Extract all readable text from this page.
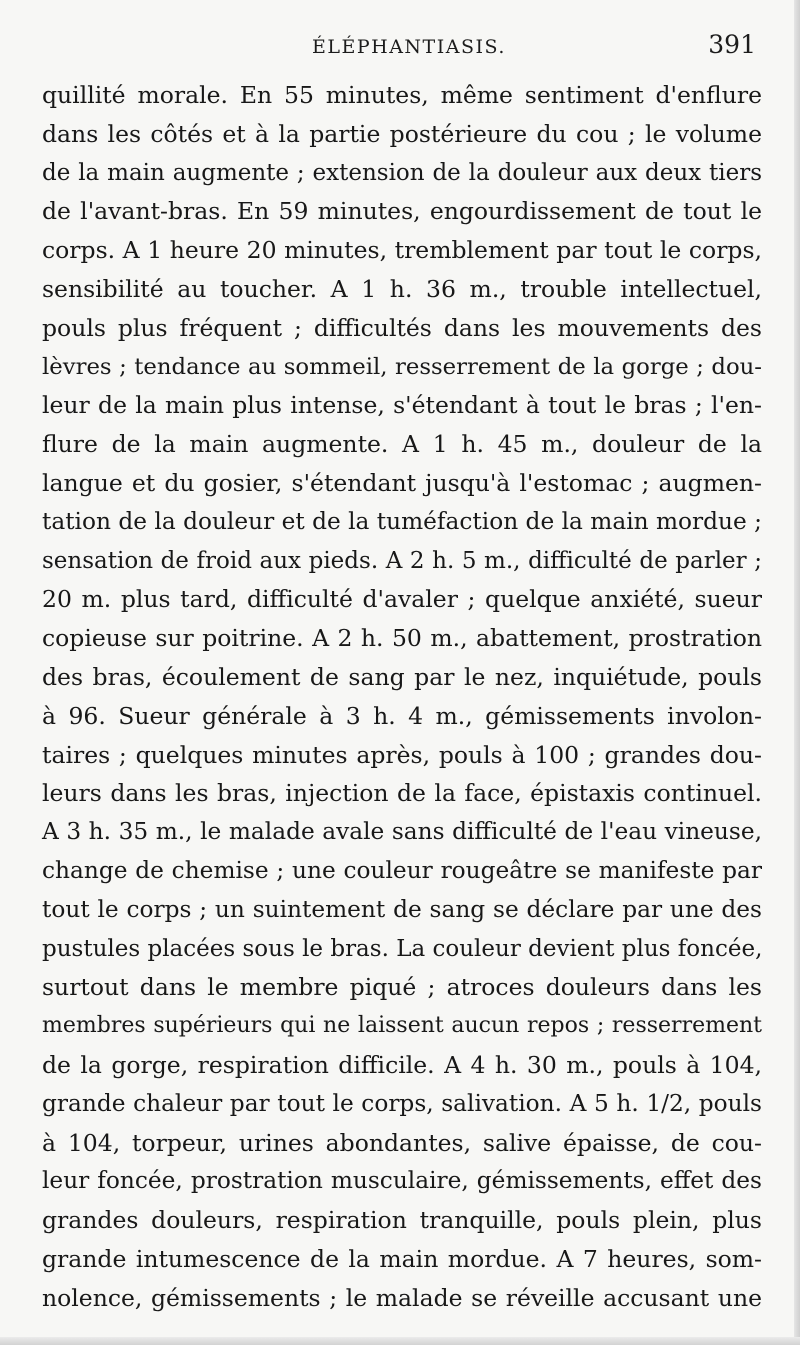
ÉLÉPHANTIASIS.	391
quillité morale. En 55 minutes, même sentiment d'enflure
dans les côtés et à la partie postérieure du cou ; le volume
de la main augmente ; extension de la douleur aux deux tiers
de l'avant-bras. En 59 minutes, engourdissement de tout le
corps. A 1 heure 20 minutes, tremblement par tout le corps,
sensibilité au toucher. A 1 h. 36 m., trouble intellectuel,
pouls plus fréquent ; difficultés dans les mouvements des
lèvres ; tendance au sommeil, resserrement de la gorge ; dou-
leur de la main plus intense, s'étendant à tout le bras ; l'en-
flure de la main augmente. A 1 h. 45 m., douleur de la
langue et du gosier, s'étendant jusqu'à l'estomac ; augmen-
tation de la douleur et de la tuméfaction de la main mordue ;
sensation de froid aux pieds. A 2 h. 5 m., difficulté de parler ;
20 m. plus tard, difficulté d'avaler ; quelque anxiété, sueur
copieuse sur poitrine. A 2 h. 50 m., abattement, prostration
des bras, écoulement de sang par le nez, inquiétude, pouls
à 96. Sueur générale à 3 h. 4 m., gémissements involon-
taires ; quelques minutes après, pouls à 100 ; grandes dou-
leurs dans les bras, injection de la face, épistaxis continuel.
A 3 h. 35 m., le malade avale sans difficulté de l'eau vineuse,
change de chemise ; une couleur rougeâtre se manifeste par
tout le corps ; un suintement de sang se déclare par une des
pustules placées sous le bras. La couleur devient plus foncée,
surtout dans le membre piqué ; atroces douleurs dans les
membres supérieurs qui ne laissent aucun repos ; resserrement
de la gorge, respiration difficile. A 4 h. 30 m., pouls à 104,
grande chaleur par tout le corps, salivation. A 5 h. 1/2, pouls
à 104, torpeur, urines abondantes, salive épaisse, de cou-
leur foncée, prostration musculaire, gémissements, effet des
grandes douleurs, respiration tranquille, pouls plein, plus
grande intumescence de la main mordue. A 7 heures, som-
nolence, gémissements ; le malade se réveille accusant une
